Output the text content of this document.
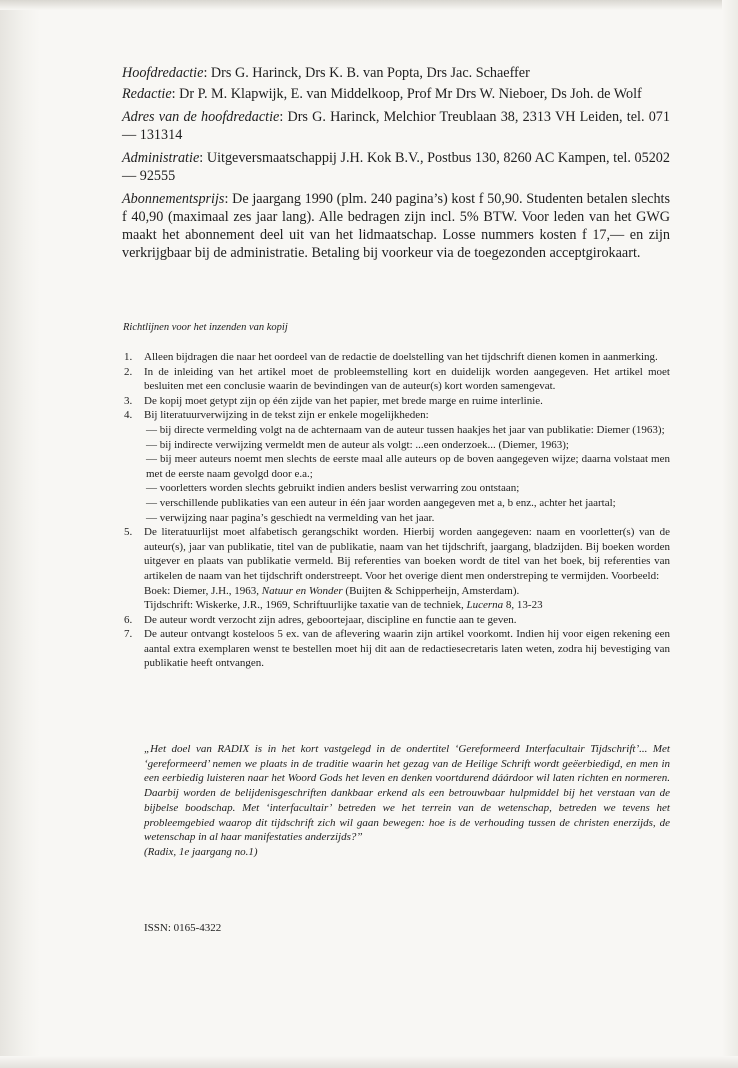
Hoofdredactie: Drs G. Harinck, Drs K. B. van Popta, Drs Jac. Schaeffer

Redactie: Dr P. M. Klapwijk, E. van Middelkoop, Prof Mr Drs W. Nieboer, Ds Joh. de Wolf

Adres van de hoofdredactie: Drs G. Harinck, Melchior Treublaan 38, 2313 VH Leiden, tel. 071 — 131314

Administratie: Uitgeversmaatschappij J.H. Kok B.V., Postbus 130, 8260 AC Kampen, tel. 05202 — 92555

Abonnementsprijs: De jaargang 1990 (plm. 240 pagina’s) kost f 50,90. Studenten betalen slechts f 40,90 (maximaal zes jaar lang). Alle bedragen zijn incl. 5% BTW. Voor leden van het GWG maakt het abonnement deel uit van het lidmaatschap. Losse nummers kosten f 17,— en zijn verkrijgbaar bij de administratie. Betaling bij voorkeur via de toegezonden acceptgirokaart.

Richtlijnen voor het inzenden van kopij
1. Alleen bijdragen die naar het oordeel van de redactie de doelstelling van het tijdschrift dienen komen in aanmerking.
2. In de inleiding van het artikel moet de probleemstelling kort en duidelijk worden aangegeven. Het artikel moet besluiten met een conclusie waarin de bevindingen van de auteur(s) kort worden samengevat.
3. De kopij moet getypt zijn op één zijde van het papier, met brede marge en ruime interlinie.
4. Bij literatuurverwijzing in de tekst zijn er enkele mogelijkheden:
— bij directe vermelding volgt na de achternaam van de auteur tussen haakjes het jaar van publikatie: Diemer (1963);
— bij indirecte verwijzing vermeldt men de auteur als volgt: ...een onderzoek... (Diemer, 1963);
— bij meer auteurs noemt men slechts de eerste maal alle auteurs op de boven aangegeven wijze; daarna volstaat men met de eerste naam gevolgd door e.a.;
— voorletters worden slechts gebruikt indien anders beslist verwarring zou ontstaan;
— verschillende publikaties van een auteur in één jaar worden aangegeven met a, b enz., achter het jaartal;
— verwijzing naar pagina’s geschiedt na vermelding van het jaar.
5. De literatuurlijst moet alfabetisch gerangschikt worden. Hierbij worden aangegeven: naam en voorletter(s) van de auteur(s), jaar van publikatie, titel van de publikatie, naam van het tijdschrift, jaargang, bladzijden. Bij boeken worden uitgever en plaats van publikatie vermeld. Bij referenties van boeken wordt de titel van het boek, bij referenties van artikelen de naam van het tijdschrift onderstreept. Voor het overige dient men onderstreping te vermijden. Voorbeeld:
Boek: Diemer, J.H., 1963, Natuur en Wonder (Buijten & Schipperheijn, Amsterdam).
Tijdschrift: Wiskerke, J.R., 1969, Schriftuurlijke taxatie van de techniek, Lucerna 8, 13-23
6. De auteur wordt verzocht zijn adres, geboortejaar, discipline en functie aan te geven.
7. De auteur ontvangt kosteloos 5 ex. van de aflevering waarin zijn artikel voorkomt. Indien hij voor eigen rekening een aantal extra exemplaren wenst te bestellen moet hij dit aan de redactiesecretaris laten weten, zodra hij bevestiging van publikatie heeft ontvangen.
„Het doel van RADIX is in het kort vastgelegd in de ondertitel ‘Gereformeerd Interfacultair Tijdschrift’... Met ‘gereformeerd’ nemen we plaats in de traditie waarin het gezag van de Heilige Schrift wordt geëerbiedigd, en men in een eerbiedig luisteren naar het Woord Gods het leven en denken voortdurend dáárdoor wil laten richten en normeren. Daarbij worden de belijdenisgeschriften dankbaar erkend als een betrouwbaar hulpmiddel bij het verstaan van de bijbelse boodschap. Met ‘interfacultair’ betreden we het terrein van de wetenschap, betreden we tevens het probleemgebied waarop dit tijdschrift zich wil gaan bewegen: hoe is de verhouding tussen de christen enerzijds, de wetenschap in al haar manifestaties anderzijds?’’
(Radix, 1e jaargang no.1)
ISSN: 0165-4322
